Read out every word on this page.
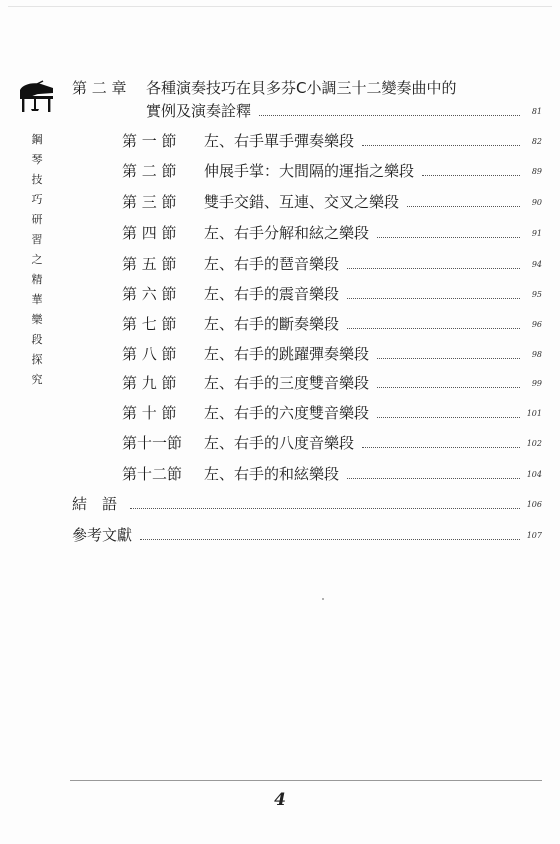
鋼
琴
技
巧
研
習
之
精
華
樂
段
探
究
第 二 章	各種演奏技巧在貝多芬C小調三十二變奏曲中的
實例及演奏詮釋	81
第 一 節	左、右手單手彈奏樂段	82
第 二 節	伸展手掌：大間隔的運指之樂段	89
第 三 節	雙手交錯、互連、交叉之樂段	90
第 四 節	左、右手分解和絃之樂段	91
第 五 節	左、右手的琶音樂段	94
第 六 節	左、右手的震音樂段	95
第 七 節	左、右手的斷奏樂段	96
第 八 節	左、右手的跳躍彈奏樂段	98
第 九 節	左、右手的三度雙音樂段	99
第 十 節	左、右手的六度雙音樂段	101
第十一節	左、右手的八度音樂段	102
第十二節	左、右手的和絃樂段	104
結　語	106
參考文獻	107
4
